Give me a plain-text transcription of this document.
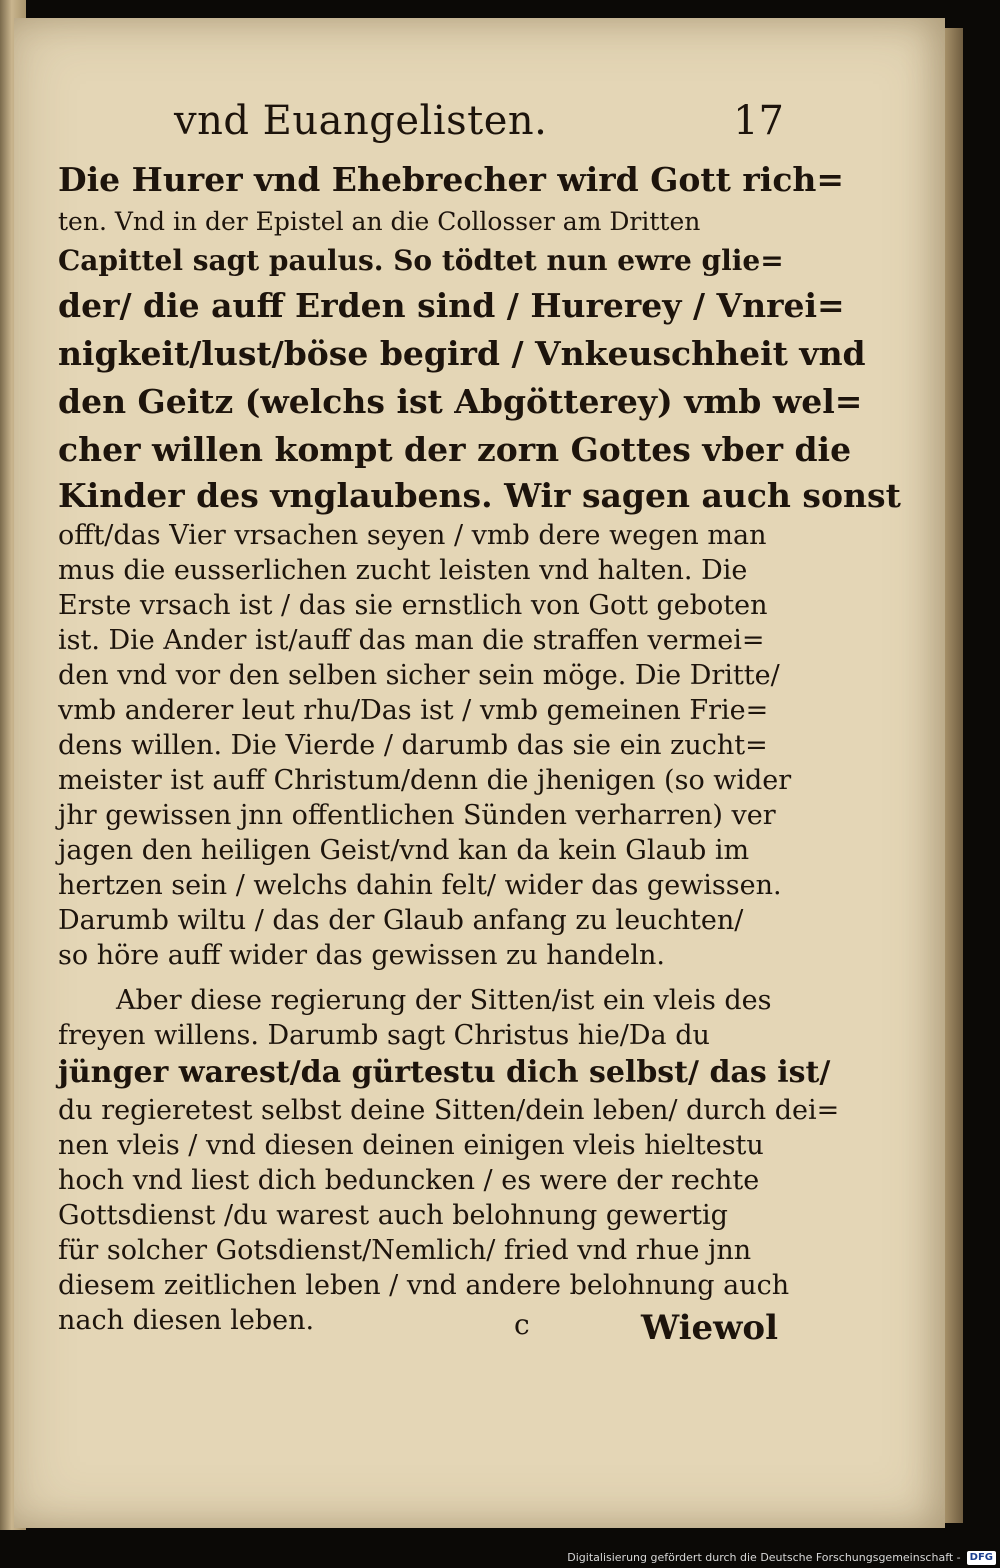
vnd Euangelisten.	17
Die Hurer vnd Ehebrecher wird Gott rich=
ten. Vnd in der Epistel an die Collosser am Dritten
Capittel sagt paulus. So tödtet nun ewre glie=
der/ die auff Erden sind / Hurerey / Vnrei=
nigkeit/lust/böse begird / Vnkeuschheit vnd
den Geitz (welchs ist Abgötterey) vmb wel=
cher willen kompt der zorn Gottes vber die
Kinder des vnglaubens. Wir sagen auch sonst
offt/das Vier vrsachen seyen / vmb dere wegen man
mus die eusserlichen zucht leisten vnd halten. Die
Erste vrsach ist / das sie ernstlich von Gott geboten
ist. Die Ander ist/auff das man die straffen vermei=
den vnd vor den selben sicher sein möge. Die Dritte/
vmb anderer leut rhu/Das ist / vmb gemeinen Frie=
dens willen. Die Vierde / darumb das sie ein zucht=
meister ist auff Christum/denn die jhenigen (so wider
jhr gewissen jnn offentlichen Sünden verharren) ver
jagen den heiligen Geist/vnd kan da kein Glaub im
hertzen sein / welchs dahin felt/ wider das gewissen.
Darumb wiltu / das der Glaub anfang zu leuchten/
so höre auff wider das gewissen zu handeln.
Aber diese regierung der Sitten/ist ein vleis des
freyen willens. Darumb sagt Christus hie/Da du
jünger warest/da gürtestu dich selbst/ das ist/
du regieretest selbst deine Sitten/dein leben/ durch dei=
nen vleis / vnd diesen deinen einigen vleis hieltestu
hoch vnd liest dich beduncken / es were der rechte
Gottsdienst /du warest auch belohnung gewertig
für solcher Gotsdienst/Nemlich/ fried vnd rhue jnn
diesem zeitlichen leben / vnd andere belohnung auch
nach diesen leben.	c	Wiewol
Digitalisierung gefördert durch die Deutsche Forschungsgemeinschaft - DFG
